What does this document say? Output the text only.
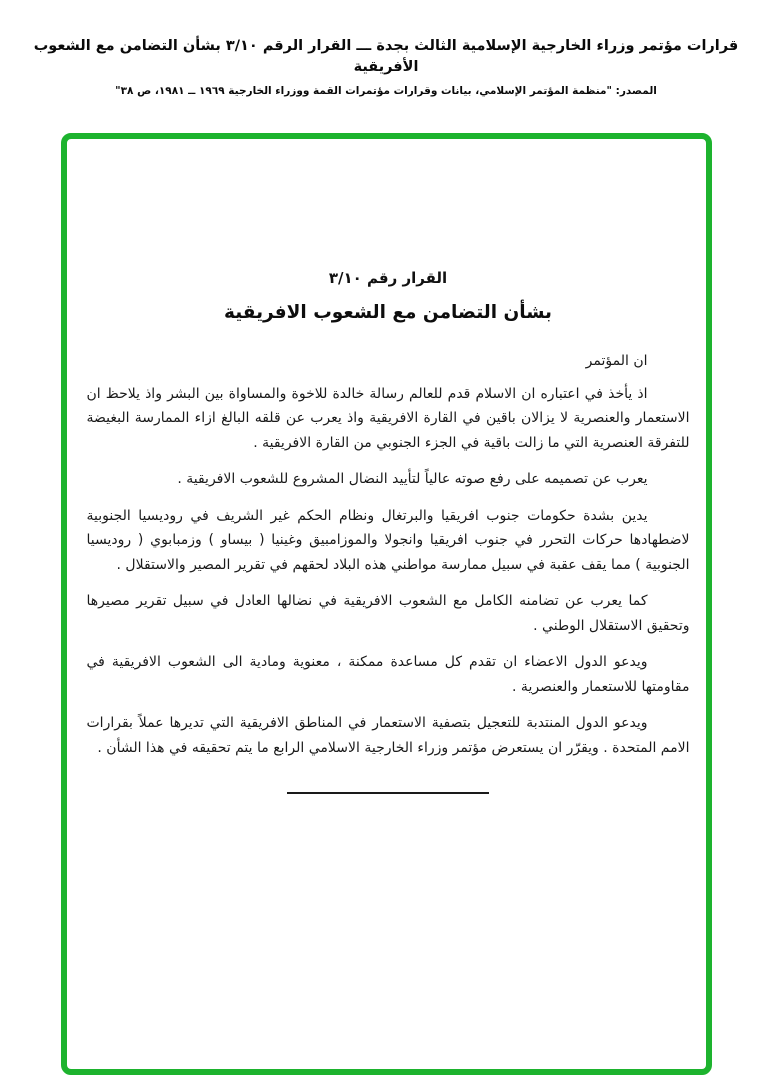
قرارات مؤتمر وزراء الخارجية الإسلامية الثالث بجدة ـــ القرار الرقم ٣/١٠ بشأن التضامن مع الشعوب الأفريقية
المصدر: "منظمة المؤتمر الإسلامي، بيانات وقرارات مؤتمرات القمة ووزراء الخارجية ١٩٦٩ ــ ١٩٨١، ص ٣٨"
القرار رقم ٣/١٠
بشأن التضامن مع الشعوب الافريقية

ان المؤتمر

اذ يأخذ في اعتباره ان الاسلام قدم للعالم رسالة خالدة للاخوة والمساواة بين البشر واذ يلاحظ ان الاستعمار والعنصرية لا يزالان باقين في القارة الافريقية واذ يعرب عن قلقه البالغ ازاء الممارسة البغيضة للتفرقة العنصرية التي ما زالت باقية في الجزء الجنوبي من القارة الافريقية .

يعرب عن تصميمه على رفع صوته عالياً لتأييد النضال المشروع للشعوب الافريقية .

يدين بشدة حكومات جنوب افريقيا والبرتغال ونظام الحكم غير الشريف في روديسيا الجنوبية لاضطهادها حركات التحرر في جنوب افريقيا وانجولا والموزامبيق وغينيا ( بيساو ) وزمبابوي ( روديسيا الجنوبية ) مما يقف عقبة في سبيل ممارسة مواطني هذه البلاد لحقهم في تقرير المصير والاستقلال .

كما يعرب عن تضامنه الكامل مع الشعوب الافريقية في نضالها العادل في سبيل تقرير مصيرها وتحقيق الاستقلال الوطني .

ويدعو الدول الاعضاء ان تقدم كل مساعدة ممكنة ، معنوية ومادية الى الشعوب الافريقية في مقاومتها للاستعمار والعنصرية .

ويدعو الدول المنتدبة للتعجيل بتصفية الاستعمار في المناطق الافريقية التي تديرها عملاً بقرارات الامم المتحدة . ويقرّر ان يستعرض مؤتمر وزراء الخارجية الاسلامي الرابع ما يتم تحقيقه في هذا الشأن .
